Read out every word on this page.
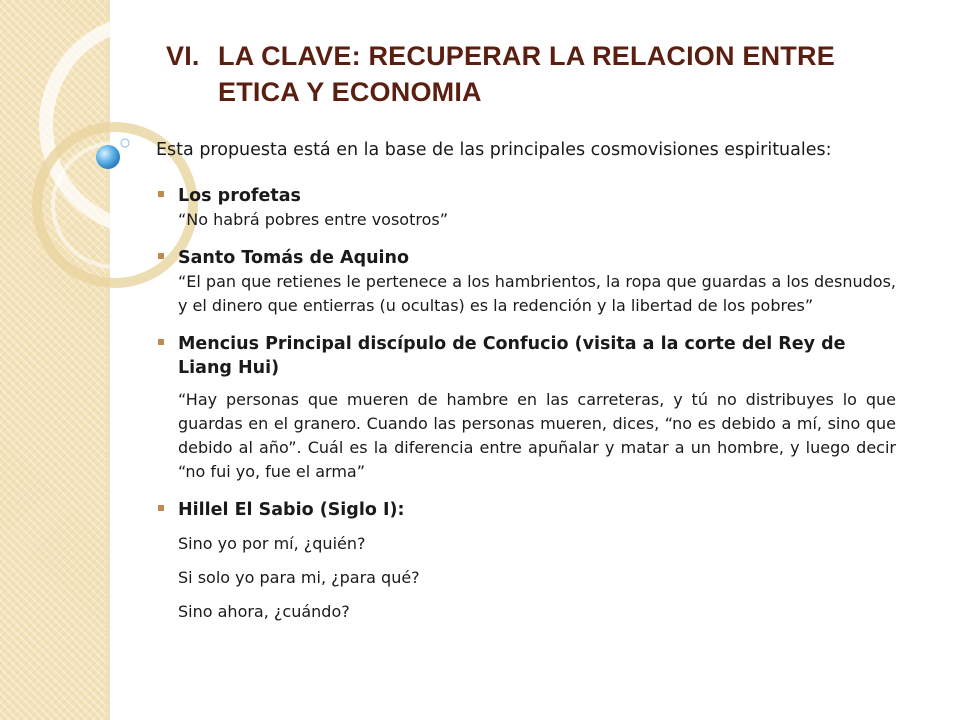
VI. LA CLAVE: RECUPERAR LA RELACION ENTRE
ETICA Y ECONOMIA

Esta propuesta está en la base de las principales cosmovisiones espirituales:

Los profetas
“No habrá pobres entre vosotros”
Santo Tomás de Aquino
“El pan que retienes le pertenece a los hambrientos, la ropa que guardas a los desnudos, y el dinero que entierras (u ocultas) es la redención y la libertad de los pobres”
Mencius Principal discípulo de Confucio (visita a la corte del Rey de Liang Hui)
“Hay personas que mueren de hambre en las carreteras, y tú no distribuyes lo que guardas en el granero. Cuando las personas mueren, dices, “no es debido a mí, sino que debido al año”. Cuál es la diferencia entre apuñalar y matar a un hombre, y luego decir “no fui yo, fue el arma”
Hillel El Sabio (Siglo I):
Sino yo por mí, ¿quién?
Si solo yo para mi, ¿para qué?
Sino ahora, ¿cuándo?
